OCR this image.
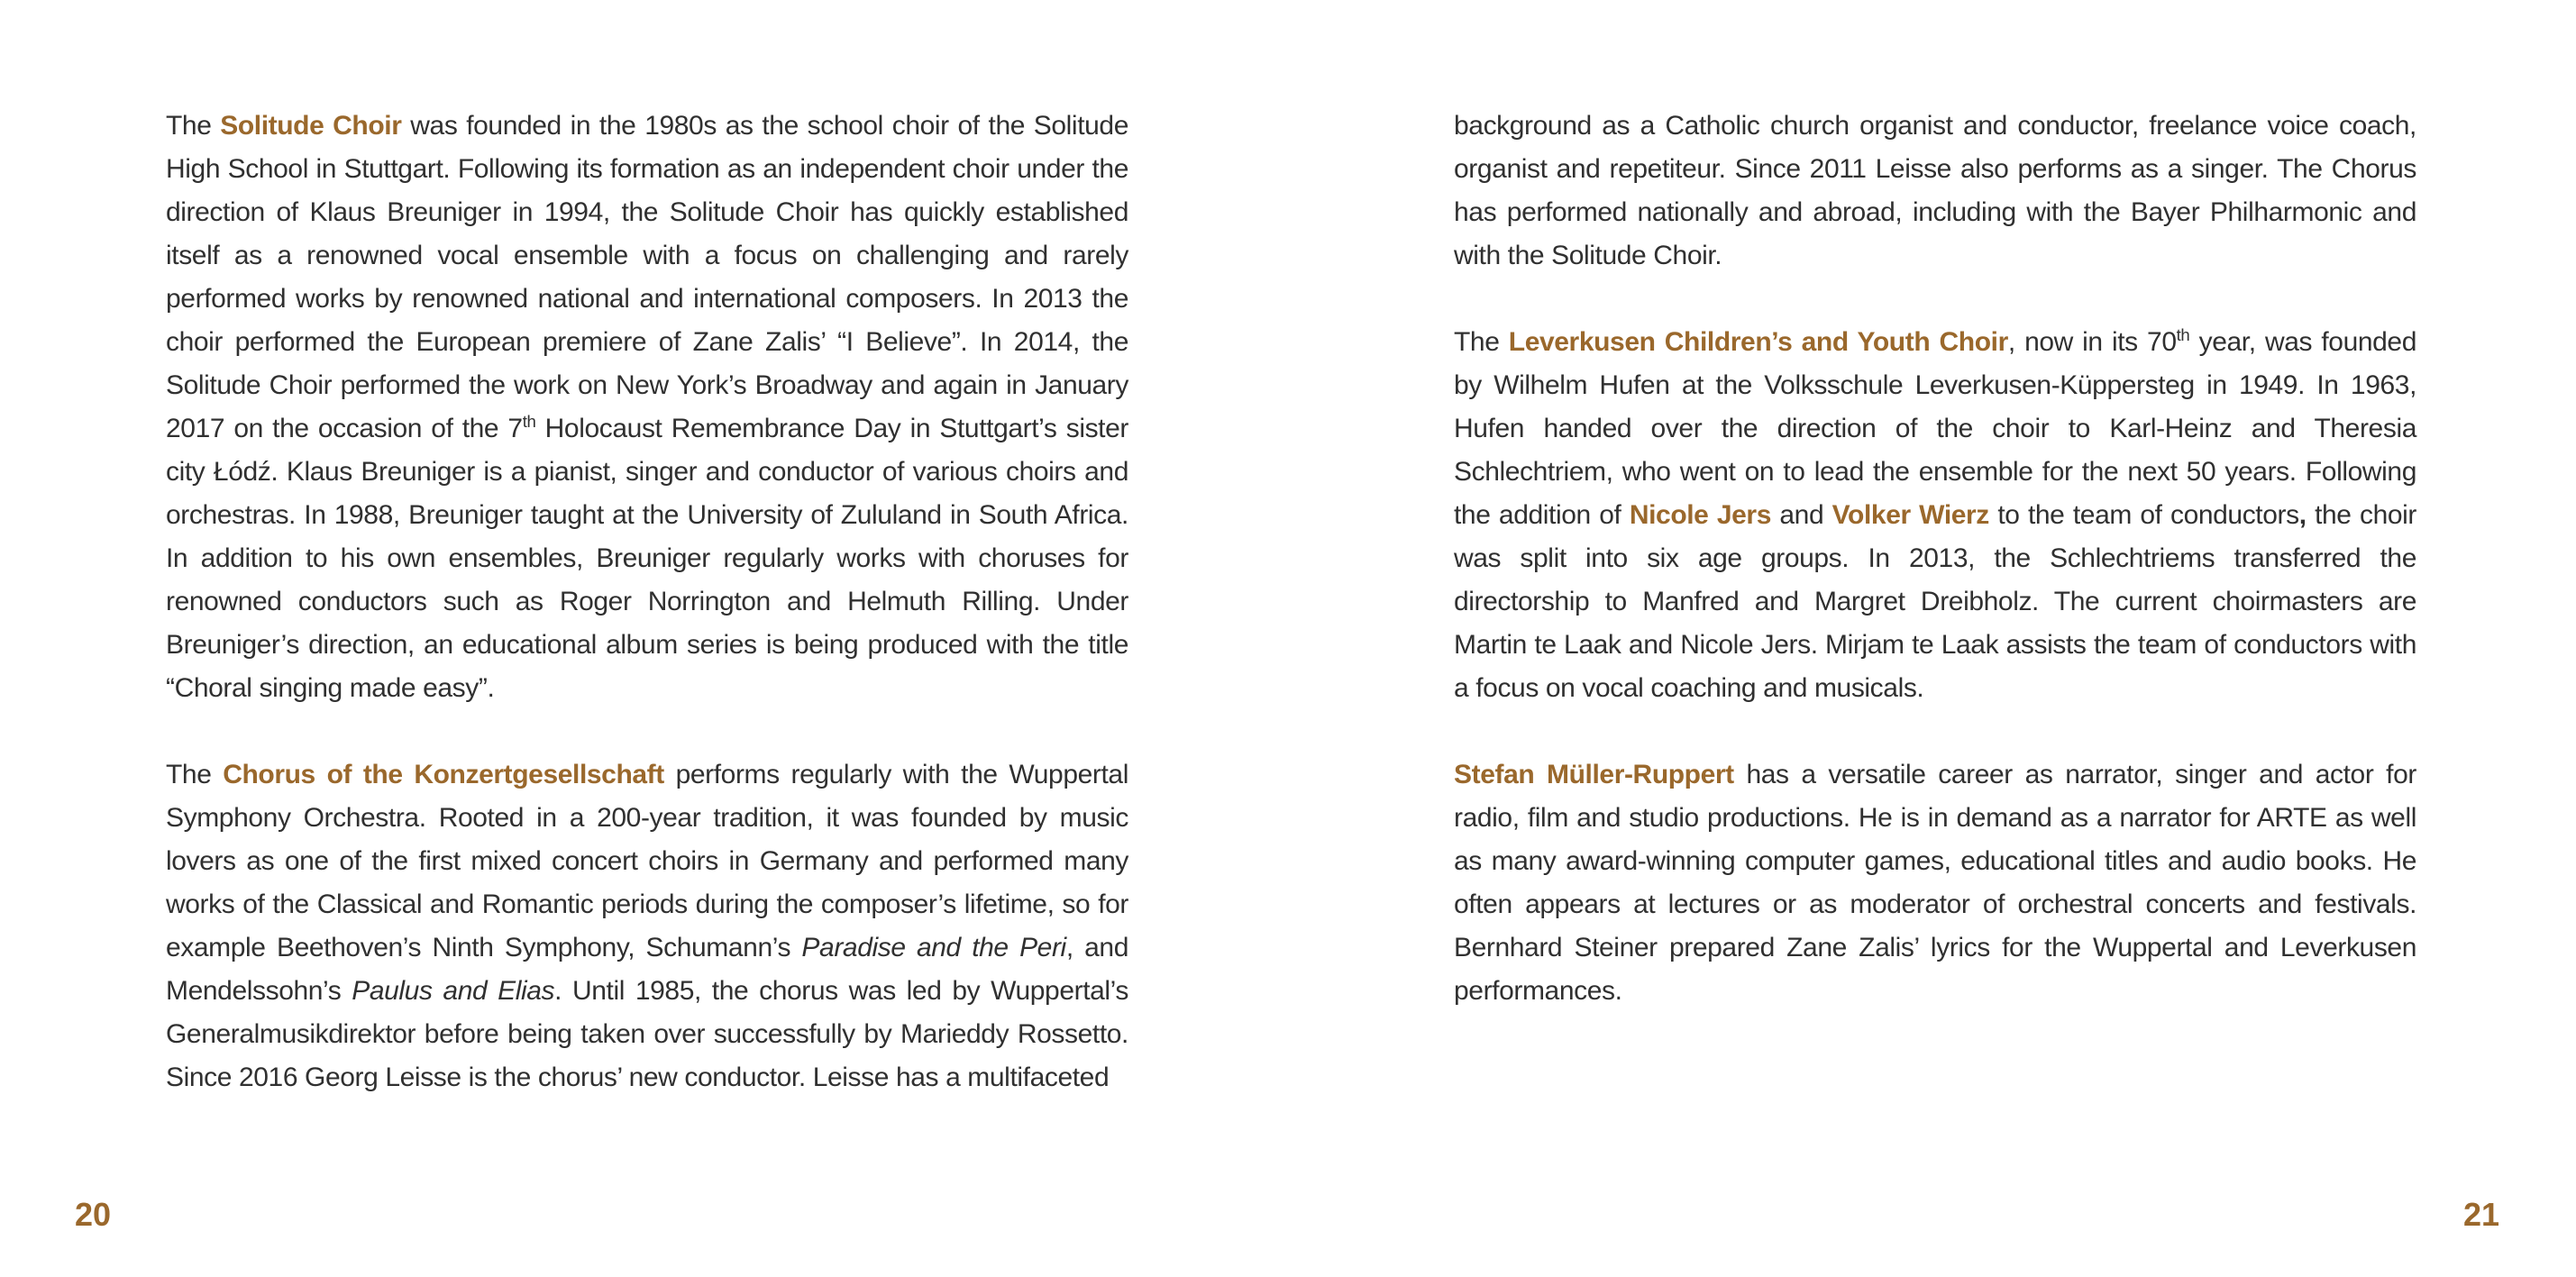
The Solitude Choir was founded in the 1980s as the school choir of the Solitude High School in Stuttgart. Following its formation as an independent choir under the direction of Klaus Breuniger in 1994, the Solitude Choir has quickly established itself as a renowned vocal ensemble with a focus on challenging and rarely performed works by renowned national and international composers. In 2013 the choir performed the European premiere of Zane Zalis’ “I Believe”. In 2014, the Solitude Choir performed the work on New York’s Broadway and again in January 2017 on the occasion of the 7th Holocaust Remembrance Day in Stuttgart’s sister city Łódź. Klaus Breuniger is a pianist, singer and conductor of various choirs and orchestras. In 1988, Breuniger taught at the University of Zululand in South Africa. In addition to his own ensembles, Breuniger regularly works with choruses for renowned conductors such as Roger Norrington and Helmuth Rilling. Under Breuniger’s direction, an educational album series is being produced with the title “Choral singing made easy”.

The Chorus of the Konzertgesellschaft performs regularly with the Wuppertal Symphony Orchestra. Rooted in a 200-year tradition, it was founded by music lovers as one of the first mixed concert choirs in Germany and performed many works of the Classical and Romantic periods during the composer’s lifetime, so for example Beethoven’s Ninth Symphony, Schumann’s Paradise and the Peri, and Mendelssohn’s Paulus and Elias. Until 1985, the chorus was led by Wuppertal’s Generalmusikdirektor before being taken over successfully by Marieddy Rossetto. Since 2016 Georg Leisse is the chorus’ new conductor. Leisse has a multifaceted

background as a Catholic church organist and conductor, freelance voice coach, organist and repetiteur. Since 2011 Leisse also performs as a singer. The Chorus has performed nationally and abroad, including with the Bayer Philharmonic and with the Solitude Choir.

The Leverkusen Children’s and Youth Choir, now in its 70th year, was founded by Wilhelm Hufen at the Volksschule Leverkusen-Küppersteg in 1949. In 1963, Hufen handed over the direction of the choir to Karl-Heinz and Theresia Schlechtriem, who went on to lead the ensemble for the next 50 years. Following the addition of Nicole Jers and Volker Wierz to the team of conductors, the choir was split into six age groups. In 2013, the Schlechtriems transferred the directorship to Manfred and Margret Dreibholz. The current choirmasters are Martin te Laak and Nicole Jers. Mirjam te Laak assists the team of conductors with a focus on vocal coaching and musicals.

Stefan Müller-Ruppert has a versatile career as narrator, singer and actor for radio, film and studio productions. He is in demand as a narrator for ARTE as well as many award-winning computer games, educational titles and audio books. He often appears at lectures or as moderator of orchestral concerts and festivals. Bernhard Steiner prepared Zane Zalis’ lyrics for the Wuppertal and Leverkusen performances.

20	21
